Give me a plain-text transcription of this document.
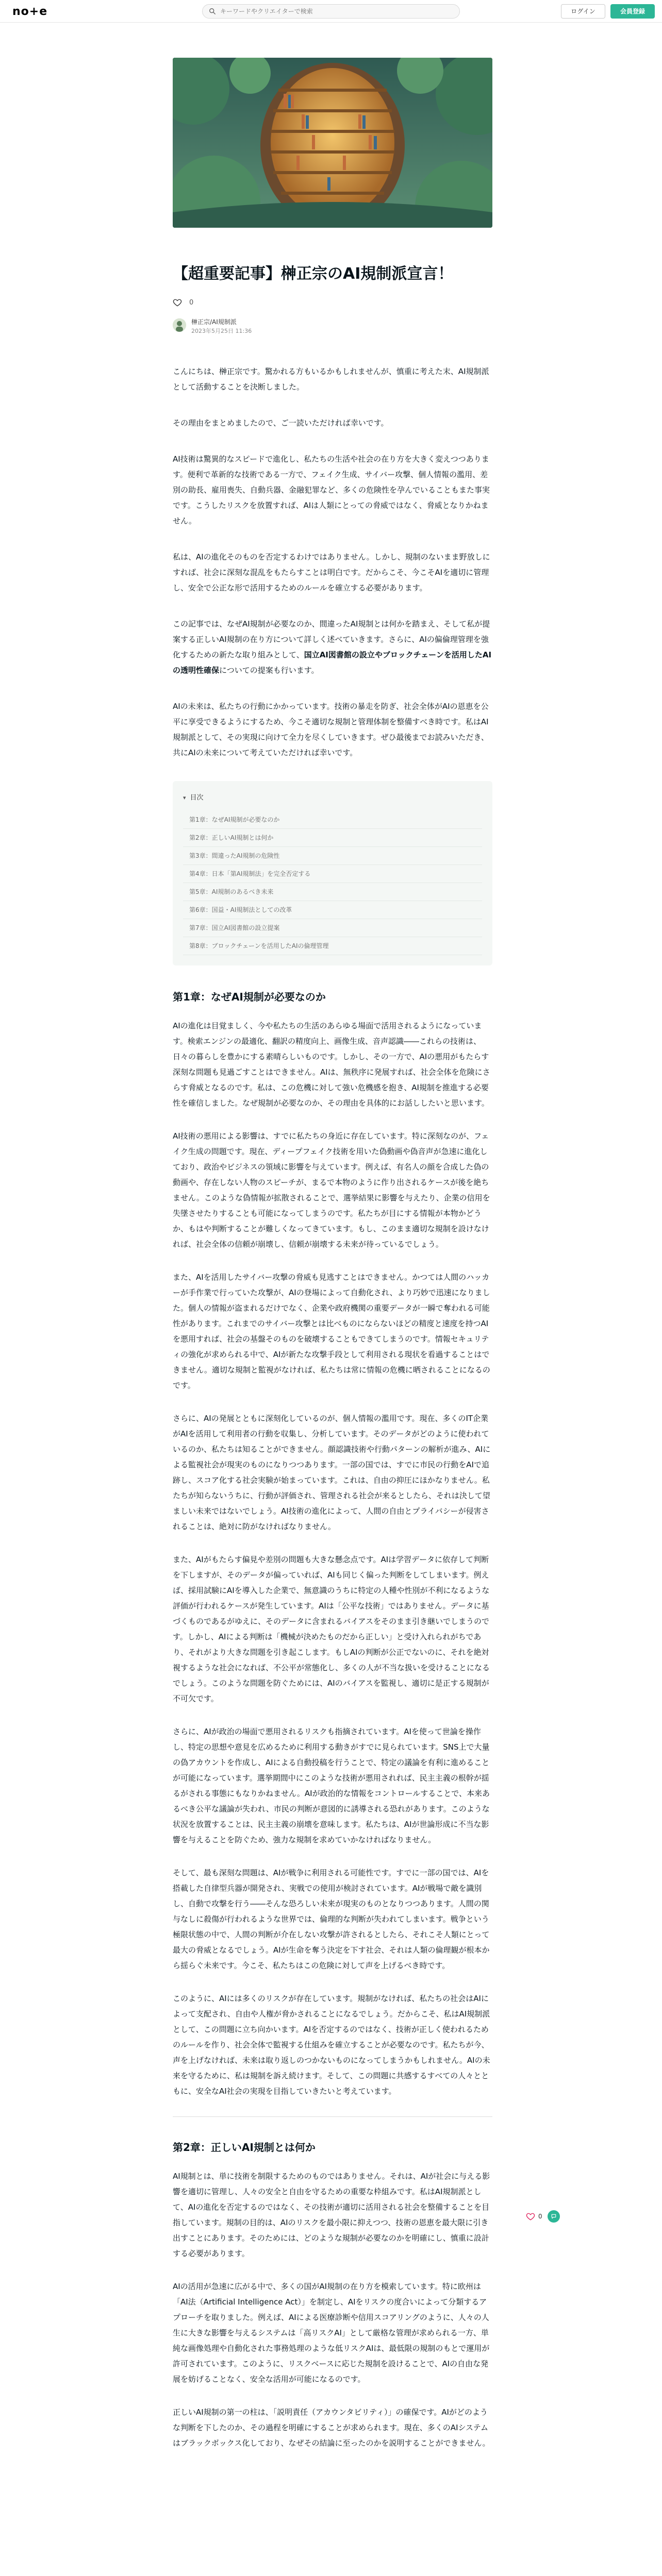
no+e
キーワードやクリエイターで検索	ログイン	会員登録
【超重要記事】榊正宗のAI規制派宣言！
0
榊正宗/AI規制派
2023年5月25日 11:36

こんにちは、榊正宗です。驚かれる方もいるかもしれませんが、慎重に考えた末、AI規制派として活動することを決断しました。

その理由をまとめましたので、ご一読いただければ幸いです。

AI技術は驚異的なスピードで進化し、私たちの生活や社会の在り方を大きく変えつつあります。便利で革新的な技術である一方で、フェイク生成、サイバー攻撃、個人情報の濫用、差別の助長、雇用喪失、自動兵器、金融犯罪など、多くの危険性を孕んでいることもまた事実です。こうしたリスクを放置すれば、AIは人類にとっての脅威ではなく、脅威となりかねません。

私は、AIの進化そのものを否定するわけではありません。しかし、規制のないまま野放しにすれば、社会に深刻な混乱をもたらすことは明白です。だからこそ、今こそAIを適切に管理し、安全で公正な形で活用するためのルールを確立する必要があります。

この記事では、なぜAI規制が必要なのか、間違ったAI規制とは何かを踏まえ、そして私が提案する正しいAI規制の在り方について詳しく述べていきます。さらに、AIの偏倫理管理を強化するための新たな取り組みとして、国立AI図書館の設立やブロックチェーンを活用したAIの透明性確保についての提案も行います。

AIの未来は、私たちの行動にかかっています。技術の暴走を防ぎ、社会全体がAIの恩恵を公平に享受できるようにするため、今こそ適切な規制と管理体制を整備すべき時です。私はAI規制派として、その実現に向けて全力を尽くしていきます。ぜひ最後までお読みいただき、共にAIの未来について考えていただければ幸いです。

▾ 目次
第1章：なぜAI規制が必要なのか
第2章：正しいAI規制とは何か
第3章：間違ったAI規制の危険性
第4章：日本「第AI規制法」を完全否定する
第5章：AI規制のあるべき未来
第6章：国益・AI規制法としての改革
第7章：国立AI図書館の設立提案
第8章：ブロックチェーンを活用したAIの倫理管理
第1章：なぜAI規制が必要なのか

AIの進化は目覚ましく、今や私たちの生活のあらゆる場面で活用されるようになっています。検索エンジンの最適化、翻訳の精度向上、画像生成、音声認識――これらの技術は、日々の暮らしを豊かにする素晴らしいものです。しかし、その一方で、AIの悪用がもたらす深刻な問題も見過ごすことはできません。AIは、無秩序に発展すれば、社会全体を危険にさらす脅威となるのです。私は、この危機に対して強い危機感を抱き、AI規制を推進する必要性を確信しました。なぜ規制が必要なのか、その理由を具体的にお話ししたいと思います。

AI技術の悪用による影響は、すでに私たちの身近に存在しています。特に深刻なのが、フェイク生成の問題です。現在、ディープフェイク技術を用いた偽動画や偽音声が急速に進化しており、政治やビジネスの領域に影響を与えています。例えば、有名人の顔を合成した偽の動画や、存在しない人物のスピーチが、まるで本物のように作り出されるケースが後を絶ちません。このような偽情報が拡散されることで、選挙結果に影響を与えたり、企業の信用を失墜させたりすることも可能になってしまうのです。私たちが目にする情報が本物かどうか、もはや判断することが難しくなってきています。もし、このまま適切な規制を設けなければ、社会全体の信頼が崩壊し、信頼が崩壊する未来が待っているでしょう。

また、AIを活用したサイバー攻撃の脅威も見逃すことはできません。かつては人間のハッカーが手作業で行っていた攻撃が、AIの登場によって自動化され、より巧妙で迅速になりました。個人の情報が盗まれるだけでなく、企業や政府機関の重要データが一瞬で奪われる可能性があります。これまでのサイバー攻撃とは比べものにならないほどの精度と速度を持つAIを悪用すれば、社会の基盤そのものを破壊することもできてしまうのです。情報セキュリティの強化が求められる中で、AIが新たな攻撃手段として利用される現状を看過することはできません。適切な規制と監視がなければ、私たちは常に情報の危機に晒されることになるのです。

さらに、AIの発展とともに深刻化しているのが、個人情報の濫用です。現在、多くのIT企業がAIを活用して利用者の行動を収集し、分析しています。そのデータがどのように使われているのか、私たちは知ることができません。顔認識技術や行動パターンの解析が進み、AIによる監視社会が現実のものになりつつあります。一部の国では、すでに市民の行動をAIで追跡し、スコア化する社会実験が始まっています。これは、自由の抑圧にほかなりません。私たちが知らないうちに、行動が評価され、管理される社会が来るとしたら、それは決して望ましい未来ではないでしょう。AI技術の進化によって、人間の自由とプライバシーが侵害されることは、絶対に防がなければなりません。

また、AIがもたらす偏見や差別の問題も大きな懸念点です。AIは学習データに依存して判断を下しますが、そのデータが偏っていれば、AIも同じく偏った判断をしてしまいます。例えば、採用試験にAIを導入した企業で、無意識のうちに特定の人種や性別が不利になるような評価が行われるケースが発生しています。AIは「公平な技術」ではありません。データに基づくものであるがゆえに、そのデータに含まれるバイアスをそのまま引き継いでしまうのです。しかし、AIによる判断は「機械が決めたものだから正しい」と受け入れられがちであり、それがより大きな問題を引き起こします。もしAIの判断が公正でないのに、それを絶対視するような社会になれば、不公平が常態化し、多くの人が不当な扱いを受けることになるでしょう。このような問題を防ぐためには、AIのバイアスを監視し、適切に是正する規制が不可欠です。

さらに、AIが政治の場面で悪用されるリスクも指摘されています。AIを使って世論を操作し、特定の思想や意見を広めるために利用する動きがすでに見られています。SNS上で大量の偽アカウントを作成し、AIによる自動投稿を行うことで、特定の議論を有利に進めることが可能になっています。選挙期間中にこのような技術が悪用されれば、民主主義の根幹が揺るがされる事態にもなりかねません。AIが政治的な情報をコントロールすることで、本来あるべき公平な議論が失われ、市民の判断が意図的に誘導される恐れがあります。このような状況を放置することは、民主主義の崩壊を意味します。私たちは、AIが世論形成に不当な影響を与えることを防ぐため、強力な規制を求めていかなければなりません。

そして、最も深刻な問題は、AIが戦争に利用される可能性です。すでに一部の国では、AIを搭載した自律型兵器が開発され、実戦での使用が検討されています。AIが戦場で敵を識別し、自動で攻撃を行う――そんな恐ろしい未来が現実のものとなりつつあります。人間の関与なしに殺傷が行われるような世界では、倫理的な判断が失われてしまいます。戦争という極限状態の中で、人間の判断が介在しない攻撃が許されるとしたら、それこそ人類にとって最大の脅威となるでしょう。AIが生命を奪う決定を下す社会、それは人類の倫理観が根本から揺らぐ未来です。今こそ、私たちはこの危険に対して声を上げるべき時です。

このように、AIには多くのリスクが存在しています。規制がなければ、私たちの社会はAIによって支配され、自由や人権が脅かされることになるでしょう。だからこそ、私はAI規制派として、この問題に立ち向かいます。AIを否定するのではなく、技術が正しく使われるためのルールを作り、社会全体で監視する仕組みを確立することが必要なのです。私たちが今、声を上げなければ、未来は取り返しのつかないものになってしまうかもしれません。AIの未来を守るために、私は規制を訴え続けます。そして、この問題に共感するすべての人々とともに、安全なAI社会の実現を目指していきたいと考えています。

第2章：正しいAI規制とは何か

AI規制とは、単に技術を制限するためのものではありません。それは、AIが社会に与える影響を適切に管理し、人々の安全と自由を守るための重要な枠組みです。私はAI規制派として、AIの進化を否定するのではなく、その技術が適切に活用される社会を整備することを目指しています。規制の目的は、AIのリスクを最小限に抑えつつ、技術の恩恵を最大限に引き出すことにあります。そのためには、どのような規制が必要なのかを明確にし、慎重に設計する必要があります。

AIの活用が急速に広がる中で、多くの国がAI規制の在り方を模索しています。特に欧州は「AI法（Artificial Intelligence Act）」を制定し、AIをリスクの度合いによって分類するアプローチを取りました。例えば、AIによる医療診断や信用スコアリングのように、人々の人生に大きな影響を与えるシステムは「高リスクAI」として厳格な管理が求められる一方、単純な画像処理や自動化された事務処理のような低リスクAIは、最低限の規制のもとで運用が許可されています。このように、リスクベースに応じた規制を設けることで、AIの自由な発展を妨げることなく、安全な活用が可能になるのです。

正しいAI規制の第一の柱は、「説明責任（アカウンタビリティ）」の確保です。AIがどのような判断を下したのか、その過程を明確にすることが求められます。現在、多くのAIシステムはブラックボックス化しており、なぜその結論に至ったのかを説明することができません。

0
